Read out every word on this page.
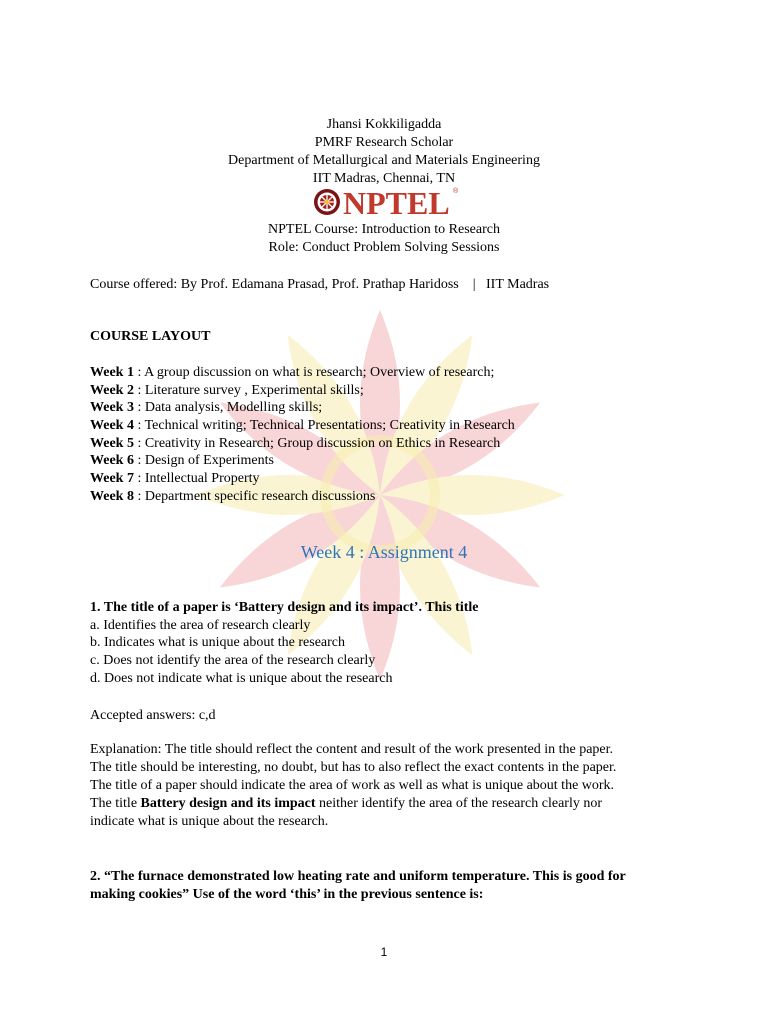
Jhansi Kokkiligadda
PMRF Research Scholar
Department of Metallurgical and Materials Engineering
IIT Madras, Chennai, TN
NPTEL ®
NPTEL Course: Introduction to Research
Role: Conduct Problem Solving Sessions
Course offered: By Prof. Edamana Prasad, Prof. Prathap Haridoss    |   IIT Madras
COURSE LAYOUT
Week 1 : A group discussion on what is research; Overview of research;
Week 2 : Literature survey , Experimental skills;
Week 3 : Data analysis, Modelling skills;
Week 4 : Technical writing; Technical Presentations; Creativity in Research
Week 5 : Creativity in Research; Group discussion on Ethics in Research
Week 6 : Design of Experiments
Week 7 : Intellectual Property
Week 8 : Department specific research discussions
Week 4 : Assignment 4
1. The title of a paper is ‘Battery design and its impact’. This title
a. Identifies the area of research clearly
b. Indicates what is unique about the research
c. Does not identify the area of the research clearly
d. Does not indicate what is unique about the research
Accepted answers: c,d
Explanation: The title should reflect the content and result of the work presented in the paper.
The title should be interesting, no doubt, but has to also reflect the exact contents in the paper.
The title of a paper should indicate the area of work as well as what is unique about the work.
The title Battery design and its impact neither identify the area of the research clearly nor
indicate what is unique about the research.
2. “The furnace demonstrated low heating rate and uniform temperature. This is good for
making cookies” Use of the word ‘this’ in the previous sentence is:
1
